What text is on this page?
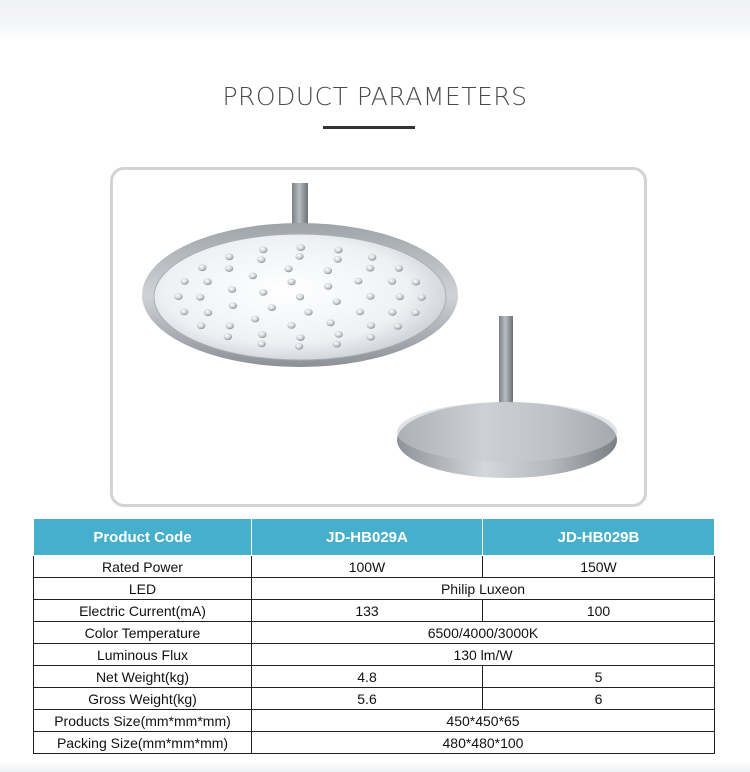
PRODUCT PARAMETERS
Product Code	JD-HB029A	JD-HB029B
Rated Power	100W	150W
LED	Philip Luxeon	
Electric Current(mA)	133	100
Color Temperature	6500/4000/3000K	
Luminous Flux	130 lm/W	
Net Weight(kg)	4.8	5
Gross Weight(kg)	5.6	6
Products Size(mm*mm*mm)	450*450*65	
Packing Size(mm*mm*mm)	480*480*100	
